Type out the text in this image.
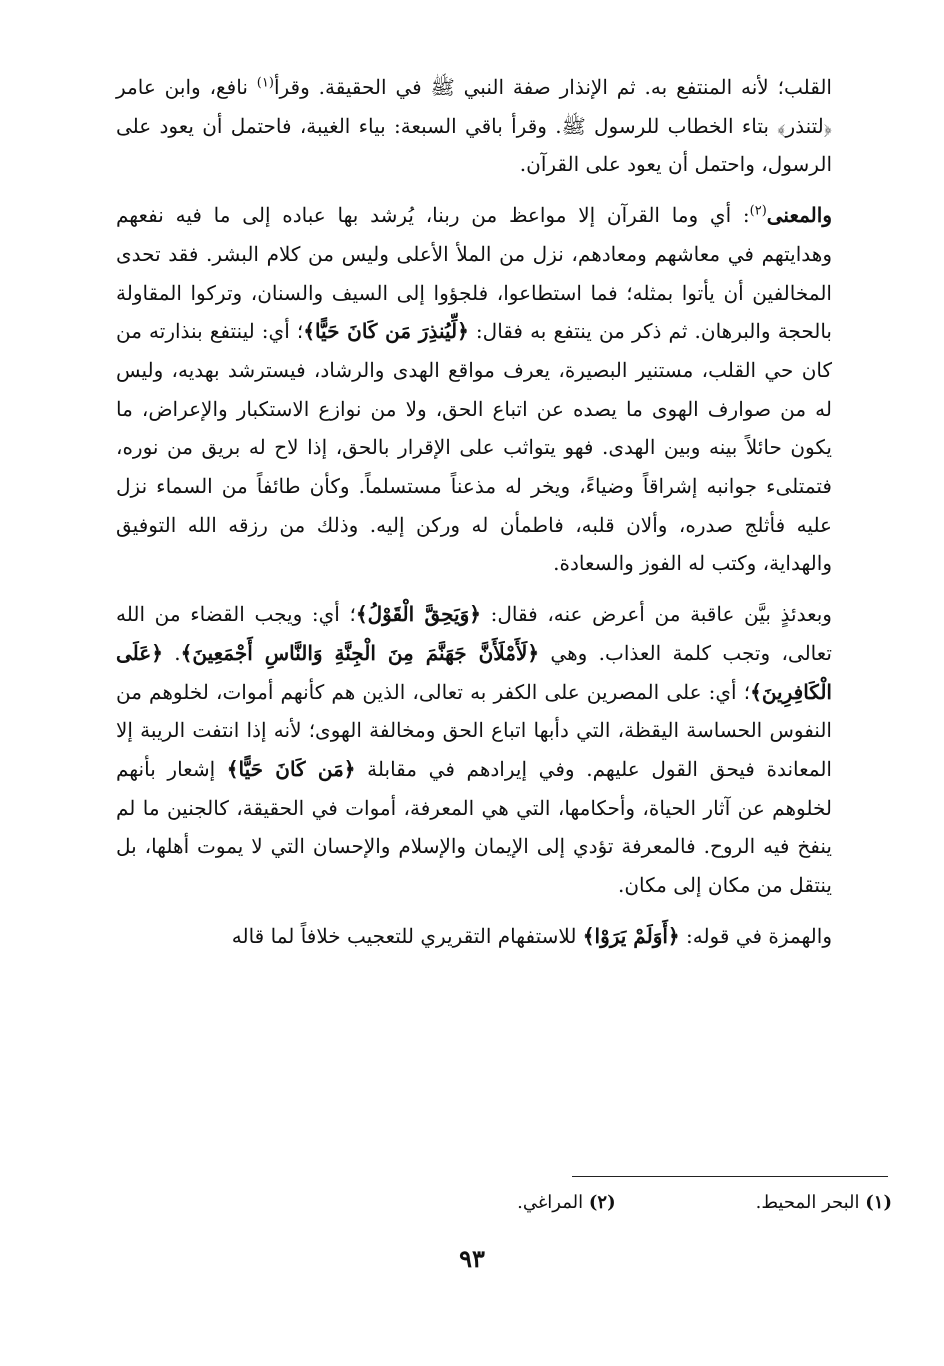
القلب؛ لأنه المنتفع به. ثم الإنذار صفة النبي ﷺ في الحقيقة. وقرأ$^{(١)}$ نافع، وابن عامر ﴿لتنذر﴾ بتاء الخطاب للرسول ﷺ. وقرأ باقي السبعة: بياء الغيبة، فاحتمل أن يعود على الرسول، واحتمل أن يعود على القرآن.

والمعنى$^{(٢)}$: أي وما القرآن إلا مواعظ من ربنا، يُرشد بها عباده إلى ما فيه نفعهم وهدايتهم في معاشهم ومعادهم، نزل من الملأ الأعلى وليس من كلام البشر. فقد تحدى المخالفين أن يأتوا بمثله؛ فما استطاعوا، فلجؤوا إلى السيف والسنان، وتركوا المقاولة بالحجة والبرهان. ثم ذكر من ينتفع به فقال: ﴿لِّيُنذِرَ مَن كَانَ حَيًّا﴾؛ أي: لينتفع بنذارته من كان حي القلب، مستنير البصيرة، يعرف مواقع الهدى والرشاد، فيسترشد بهديه، وليس له من صوارف الهوى ما يصده عن اتباع الحق، ولا من نوازع الاستكبار والإعراض، ما يكون حائلاً بينه وبين الهدى. فهو يتواثب على الإقرار بالحق، إذا لاح له بريق من نوره، فتمتلىء جوانبه إشراقاً وضياءً، ويخر له مذعناً مستسلماً. وكأن طائفاً من السماء نزل عليه فأثلج صدره، وألان قلبه، فاطمأن له وركن إليه. وذلك من رزقه الله التوفيق والهداية، وكتب له الفوز والسعادة.

وبعدئذٍ بيَّن عاقبة من أعرض عنه، فقال: ﴿وَيَحِقَّ الْقَوْلُ﴾؛ أي: ويجب القضاء من الله تعالى، وتجب كلمة العذاب. وهي ﴿لَأَمْلَأَنَّ جَهَنَّمَ مِنَ الْجِنَّةِ وَالنَّاسِ أَجْمَعِينَ﴾. ﴿عَلَى الْكَافِرِينَ﴾؛ أي: على المصرين على الكفر به تعالى، الذين هم كأنهم أموات، لخلوهم من النفوس الحساسة اليقظة، التي دأبها اتباع الحق ومخالفة الهوى؛ لأنه إذا انتفت الريبة إلا المعاندة فيحق القول عليهم. وفي إيرادهم في مقابلة ﴿مَن كَانَ حَيًّا﴾ إشعار بأنهم لخلوهم عن آثار الحياة، وأحكامها، التي هي المعرفة، أموات في الحقيقة، كالجنين ما لم ينفخ فيه الروح. فالمعرفة تؤدي إلى الإيمان والإسلام والإحسان التي لا يموت أهلها، بل ينتقل من مكان إلى مكان.

والهمزة في قوله: ﴿أَوَلَمْ يَرَوْا﴾ للاستفهام التقريري للتعجيب خلافاً لما قاله

(١) البحر المحيط.(٢) المراغي.
٩٣
